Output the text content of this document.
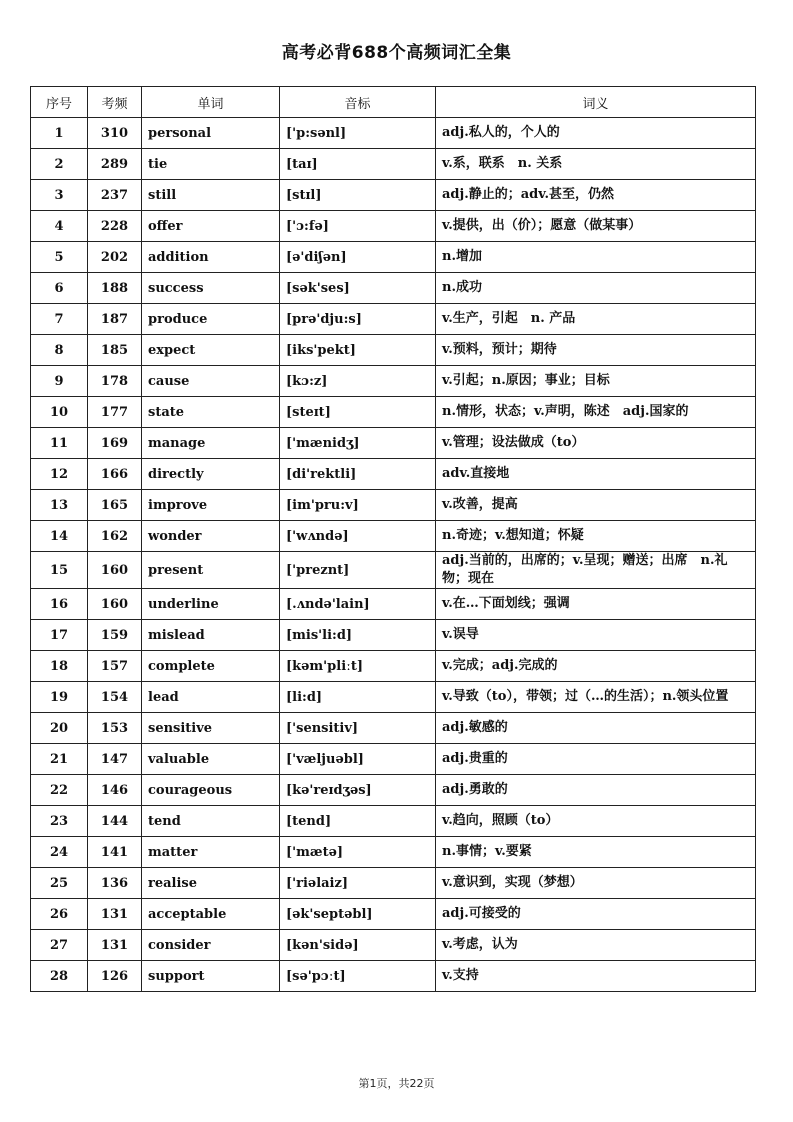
高考必背688个高频词汇全集
序号	考频	单词	音标	词义
1	310	personal	['p:sənl]	adj.私人的，个人的
2	289	tie	[taɪ]	v.系，联系　n. 关系
3	237	still	[stɪl]	adj.静止的；adv.甚至，仍然
4	228	offer	['ɔ:fə]	v.提供，出（价）；愿意（做某事）
5	202	addition	[ə'diʃən]	n.增加
6	188	success	[sək'ses]	n.成功
7	187	produce	[prə'dju:s]	v.生产，引起　n. 产品
8	185	expect	[iks'pekt]	v.预料，预计；期待
9	178	cause	[kɔ:z]	v.引起；n.原因；事业；目标
10	177	state	[steɪt]	n.情形，状态；v.声明，陈述　adj.国家的
11	169	manage	['mænidʒ]	v.管理；设法做成（to）
12	166	directly	[di'rektli]	adv.直接地
13	165	improve	[im'pru:v]	v.改善，提高
14	162	wonder	['wʌndə]	n.奇迹；v.想知道；怀疑
15	160	present	['preznt]	adj.当前的，出席的；v.呈现；赠送；出席　n.礼物；现在
16	160	underline	[.ʌndə'lain]	v.在…下面划线；强调
17	159	mislead	[mis'li:d]	v.误导
18	157	complete	[kəm'pliːt]	v.完成；adj.完成的
19	154	lead	[li:d]	v.导致（to），带领；过（…的生活）；n.领头位置
20	153	sensitive	['sensitiv]	adj.敏感的
21	147	valuable	['væljuəbl]	adj.贵重的
22	146	courageous	[kə'reɪdʒəs]	adj.勇敢的
23	144	tend	[tend]	v.趋向，照顾（to）
24	141	matter	['mætə]	n.事情；v.要紧
25	136	realise	['riəlaiz]	v.意识到，实现（梦想）
26	131	acceptable	[ək'septəbl]	adj.可接受的
27	131	consider	[kən'sidə]	v.考虑，认为
28	126	support	[sə'pɔːt]	v.支持
第1页，共22页
